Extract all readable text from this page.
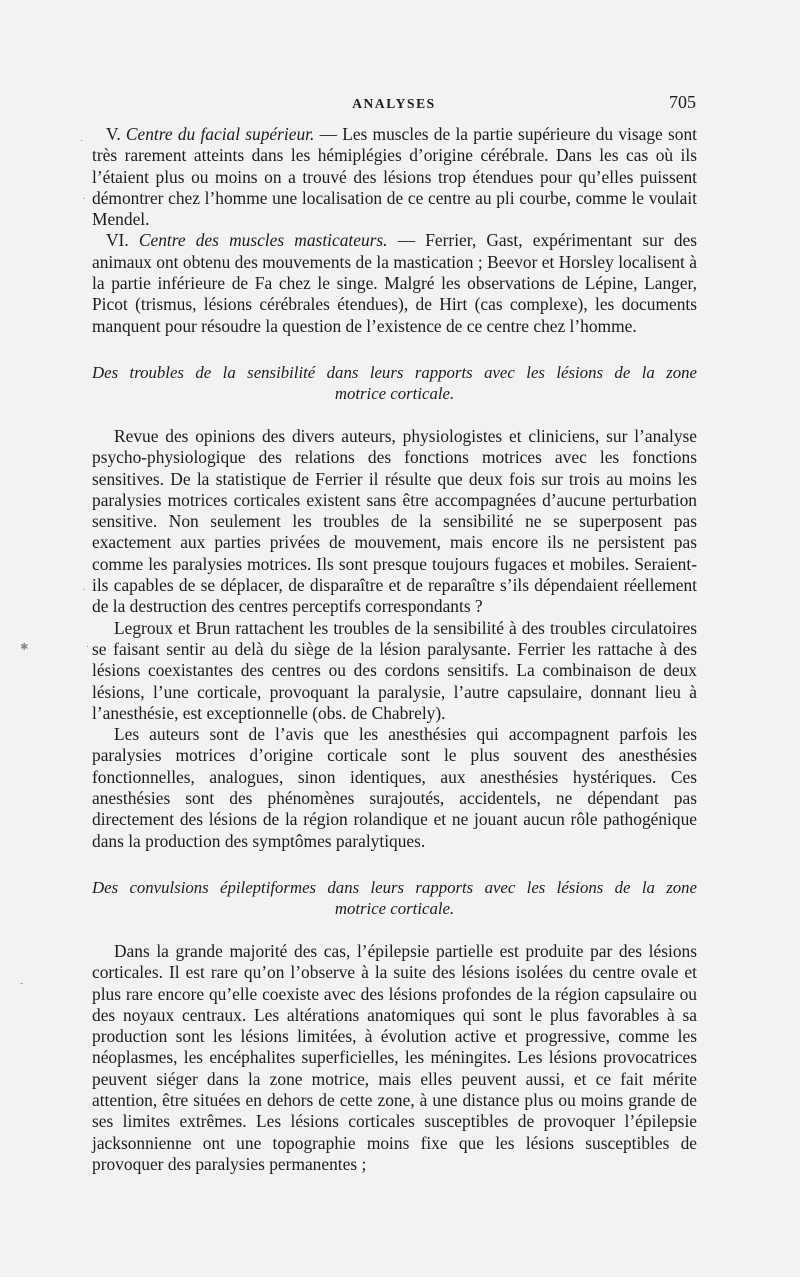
ANALYSES	705
·
·
·
✱	·
-

V. Centre du facial supérieur. — Les muscles de la partie supérieure du visage sont très rarement atteints dans les hémiplégies d’origine cérébrale. Dans les cas où ils l’étaient plus ou moins on a trouvé des lésions trop étendues pour qu’elles puissent démontrer chez l’homme une localisation de ce centre au pli courbe, comme le voulait Mendel.

VI. Centre des muscles masticateurs. — Ferrier, Gast, expérimentant sur des animaux ont obtenu des mouvements de la mastication ; Beevor et Horsley localisent à la partie inférieure de Fa chez le singe. Malgré les observations de Lépine, Langer, Picot (trismus, lésions cérébrales étendues), de Hirt (cas complexe), les documents manquent pour résoudre la question de l’existence de ce centre chez l’homme.

Des troubles de la sensibilité dans leurs rapports avec les lésions de la zone
motrice corticale.

Revue des opinions des divers auteurs, physiologistes et cliniciens, sur l’analyse psycho-physiologique des relations des fonctions motrices avec les fonctions sensitives. De la statistique de Ferrier il résulte que deux fois sur trois au moins les paralysies motrices corticales existent sans être accompagnées d’aucune perturbation sensitive. Non seulement les troubles de la sensibilité ne se superposent pas exactement aux parties privées de mouvement, mais encore ils ne persistent pas comme les paralysies motrices. Ils sont presque toujours fugaces et mobiles. Seraient-ils capables de se déplacer, de disparaître et de reparaître s’ils dépendaient réellement de la destruction des centres perceptifs correspondants ?

Legroux et Brun rattachent les troubles de la sensibilité à des troubles circulatoires se faisant sentir au delà du siège de la lésion paralysante. Ferrier les rattache à des lésions coexistantes des centres ou des cordons sensitifs. La combinaison de deux lésions, l’une corticale, provoquant la paralysie, l’autre capsulaire, donnant lieu à l’anesthésie, est exceptionnelle (obs. de Chabrely).

Les auteurs sont de l’avis que les anesthésies qui accompagnent parfois les paralysies motrices d’origine corticale sont le plus souvent des anesthésies fonctionnelles, analogues, sinon identiques, aux anesthésies hystériques. Ces anesthésies sont des phénomènes surajoutés, accidentels, ne dépendant pas directement des lésions de la région rolandique et ne jouant aucun rôle pathogénique dans la production des symptômes paralytiques.

Des convulsions épileptiformes dans leurs rapports avec les lésions de la zone
motrice corticale.

Dans la grande majorité des cas, l’épilepsie partielle est produite par des lésions corticales. Il est rare qu’on l’observe à la suite des lésions isolées du centre ovale et plus rare encore qu’elle coexiste avec des lésions profondes de la région capsulaire ou des noyaux centraux. Les altérations anatomiques qui sont le plus favorables à sa production sont les lésions limitées, à évolution active et progressive, comme les néoplasmes, les encéphalites superficielles, les méningites. Les lésions provocatrices peuvent siéger dans la zone motrice, mais elles peuvent aussi, et ce fait mérite attention, être situées en dehors de cette zone, à une distance plus ou moins grande de ses limites extrêmes. Les lésions corticales susceptibles de provoquer l’épilepsie jacksonnienne ont une topographie moins fixe que les lésions susceptibles de provoquer des paralysies permanentes ;
